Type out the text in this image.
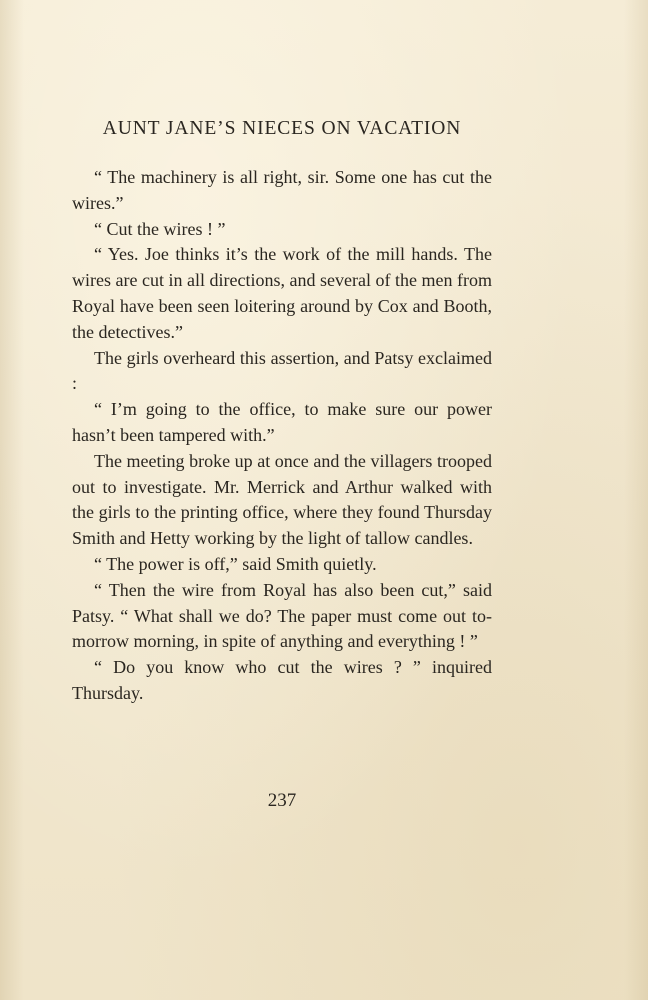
AUNT JANE’S NIECES ON VACATION

“ The machinery is all right, sir. Some one has cut the wires.”

“ Cut the wires ! ”

“ Yes. Joe thinks it’s the work of the mill hands. The wires are cut in all directions, and several of the men from Royal have been seen loitering around by Cox and Booth, the detectives.”

The girls overheard this assertion, and Patsy exclaimed :

“ I’m going to the office, to make sure our power hasn’t been tampered with.”

The meeting broke up at once and the villagers trooped out to investigate. Mr. Merrick and Arthur walked with the girls to the printing office, where they found Thursday Smith and Hetty working by the light of tallow candles.

“ The power is off,” said Smith quietly.

“ Then the wire from Royal has also been cut,” said Patsy. “ What shall we do? The paper must come out to-morrow morning, in spite of anything and everything ! ”

“ Do you know who cut the wires ? ” inquired Thursday.

237
